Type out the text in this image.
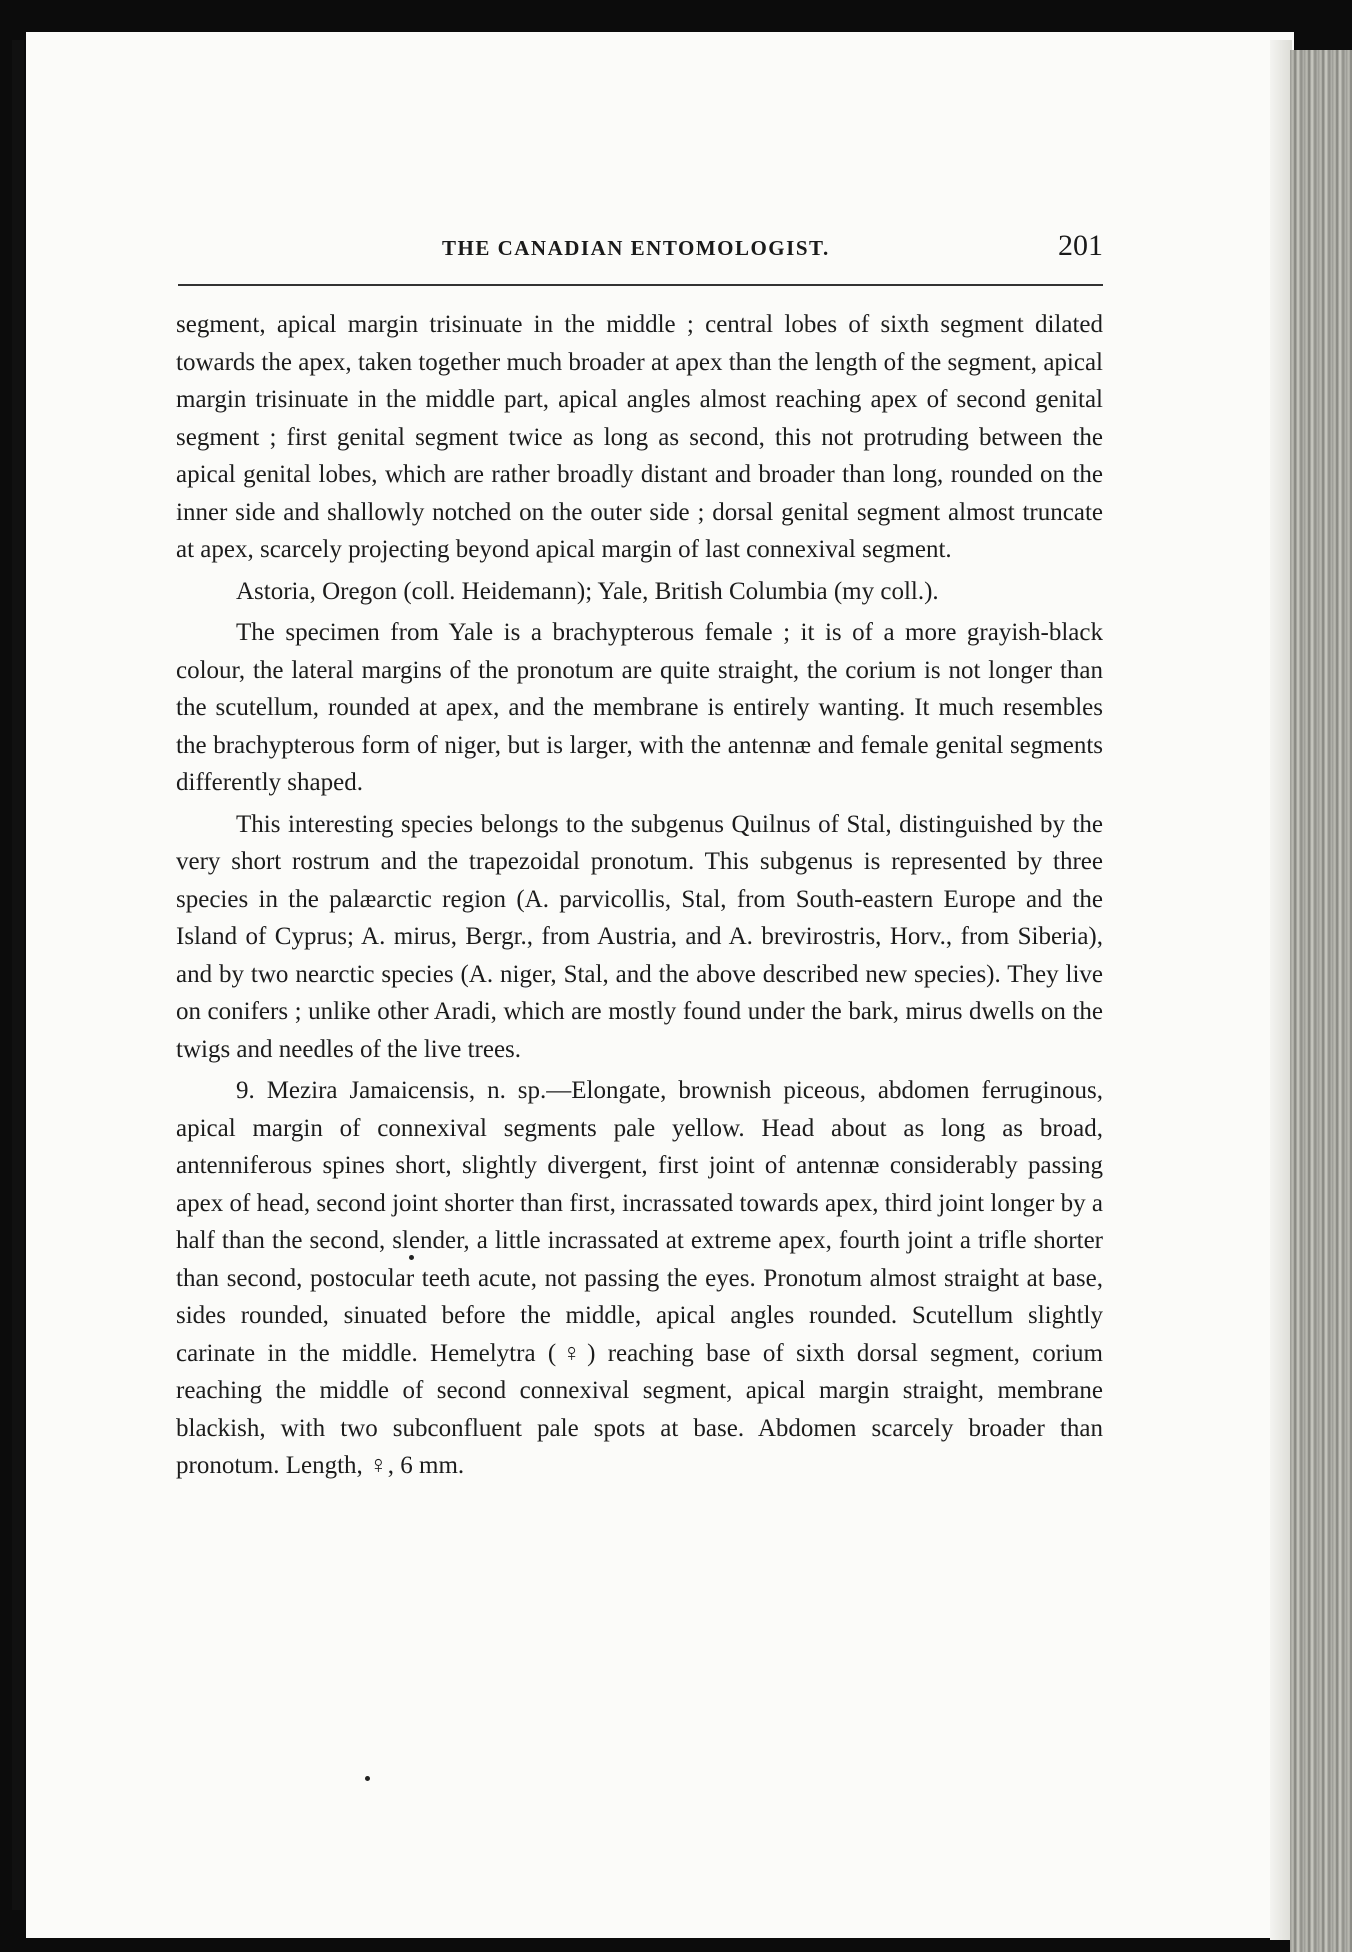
THE CANADIAN ENTOMOLOGIST.	201

segment, apical margin trisinuate in the middle ; central lobes of sixth segment dilated towards the apex, taken together much broader at apex than the length of the segment, apical margin trisinuate in the middle part, apical angles almost reaching apex of second genital segment ; first genital segment twice as long as second, this not protruding between the apical genital lobes, which are rather broadly distant and broader than long, rounded on the inner side and shallowly notched on the outer side ; dorsal genital segment almost truncate at apex, scarcely projecting beyond apical margin of last connexival segment.

Astoria, Oregon (coll. Heidemann); Yale, British Columbia (my coll.).

The specimen from Yale is a brachypterous female ; it is of a more grayish-black colour, the lateral margins of the pronotum are quite straight, the corium is not longer than the scutellum, rounded at apex, and the membrane is entirely wanting. It much resembles the brachypterous form of niger, but is larger, with the antennæ and female genital segments differently shaped.

This interesting species belongs to the subgenus Quilnus of Stal, distinguished by the very short rostrum and the trapezoidal pronotum. This subgenus is represented by three species in the palæarctic region (A. parvicollis, Stal, from South-eastern Europe and the Island of Cyprus; A. mirus, Bergr., from Austria, and A. brevirostris, Horv., from Siberia), and by two nearctic species (A. niger, Stal, and the above described new species). They live on conifers ; unlike other Aradi, which are mostly found under the bark, mirus dwells on the twigs and needles of the live trees.

9. Mezira Jamaicensis, n. sp.—Elongate, brownish piceous, abdomen ferruginous, apical margin of connexival segments pale yellow. Head about as long as broad, antenniferous spines short, slightly divergent, first joint of antennæ considerably passing apex of head, second joint shorter than first, incrassated towards apex, third joint longer by a half than the second, slender, a little incrassated at extreme apex, fourth joint a trifle shorter than second, postocular teeth acute, not passing the eyes. Pronotum almost straight at base, sides rounded, sinuated before the middle, apical angles rounded. Scutellum slightly carinate in the middle. Hemelytra (♀) reaching base of sixth dorsal segment, corium reaching the middle of second connexival segment, apical margin straight, membrane blackish, with two subconfluent pale spots at base. Abdomen scarcely broader than pronotum. Length, ♀, 6 mm.
